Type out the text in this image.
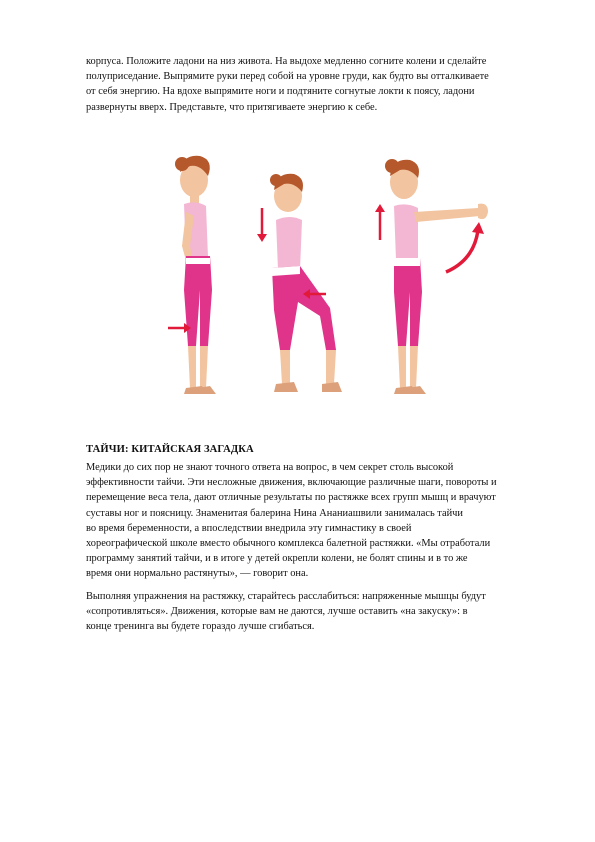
корпуса. Положите ладони на низ живота. На выдохе медленно согните колени и сделайте
полуприседание. Выпрямите руки перед собой на уровне груди, как будто вы отталкиваете
от себя энергию. На вдохе выпрямите ноги и подтяните согнутые локти к поясу, ладони
развернуты вверх. Представьте, что притягиваете энергию к себе.

ТАЙЧИ: КИТАЙСКАЯ ЗАГАДКА

Медики до сих пор не знают точного ответа на вопрос, в чем секрет столь высокой
эффективности тайчи. Эти несложные движения, включающие различные шаги, повороты и
перемещение веса тела, дают отличные результаты по растяжке всех групп мышц и врачуют
суставы ног и поясницу. Знаменитая балерина Нина Ананиашвили занималась тайчи
во время беременности, а впоследствии внедрила эту гимнастику в своей
хореографической школе вместо обычного комплекса балетной растяжки. «Мы отработали
программу занятий тайчи, и в итоге у детей окрепли колени, не болят спины и в то же
время они нормально растянуты», — говорит она.

Выполняя упражнения на растяжку, старайтесь расслабиться: напряженные мышцы будут
«сопротивляться». Движения, которые вам не даются, лучше оставить «на закуску»: в
конце тренинга вы будете гораздо лучше сгибаться.
